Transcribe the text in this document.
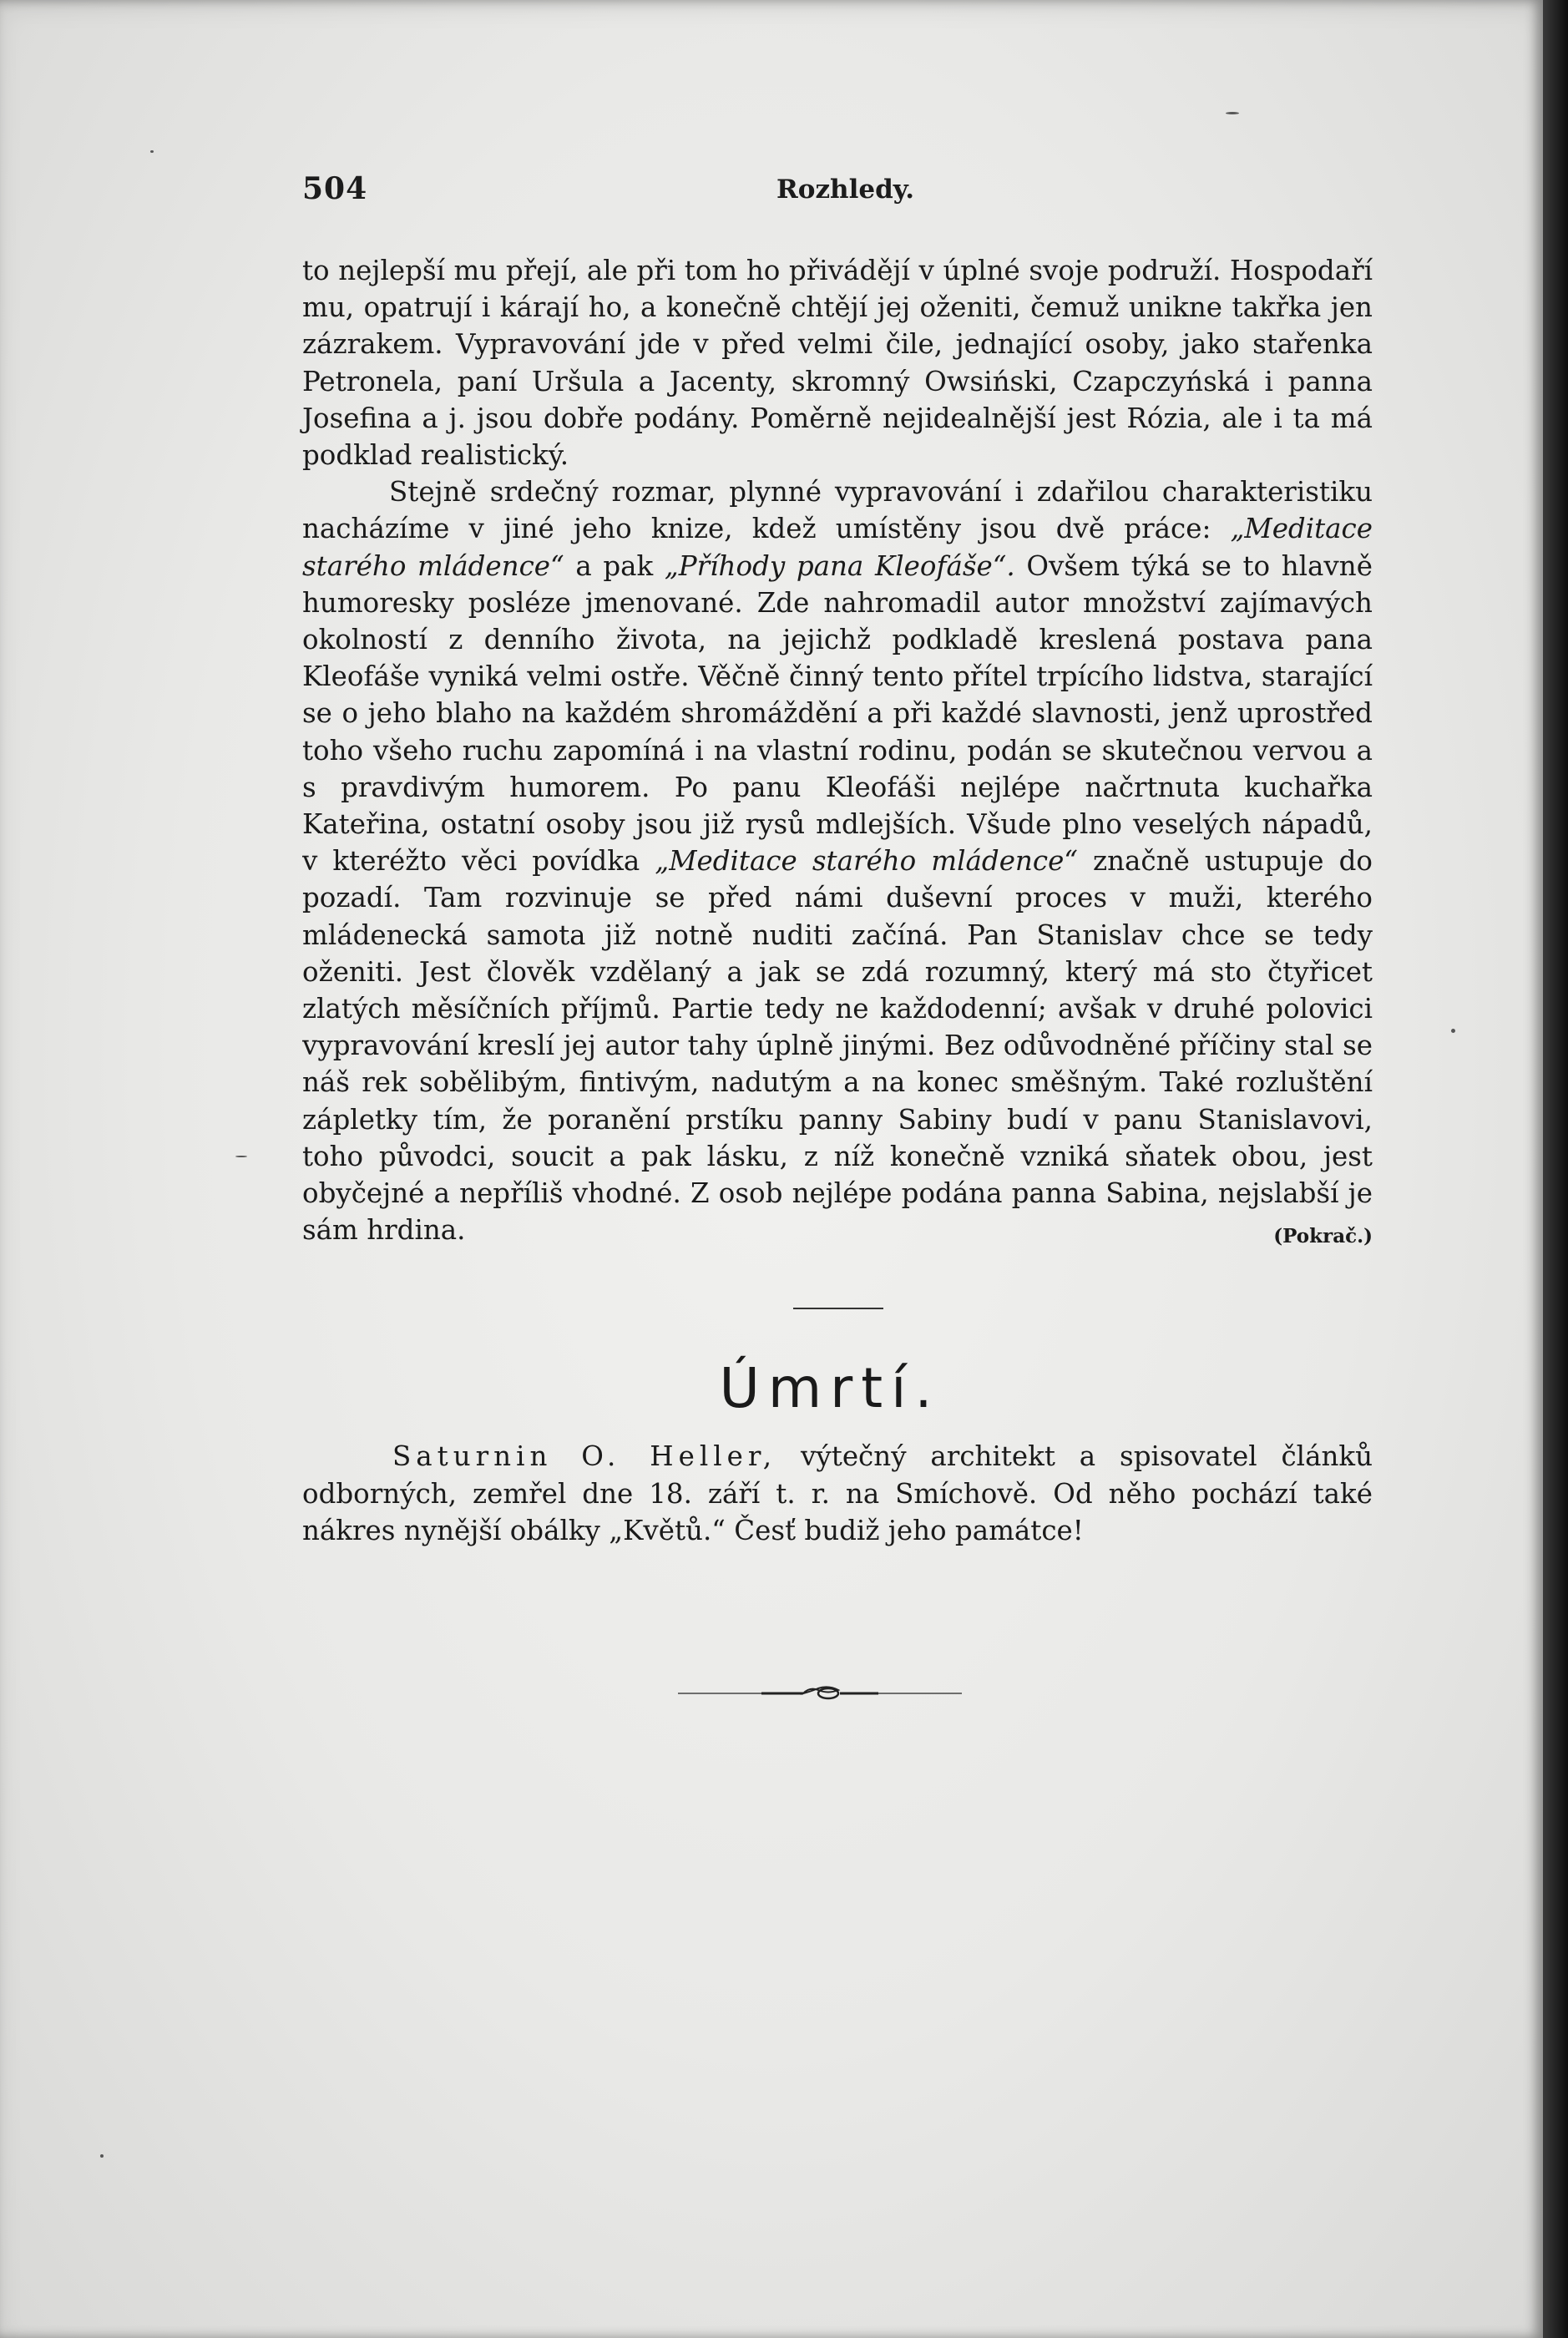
504	Rozhledy.

to nejlepší mu přejí, ale při tom ho přivádějí v úplné svoje podruží. Hospodaří mu, opatrují i kárají ho, a konečně chtějí jej oženiti, čemuž unikne takřka jen zázrakem. Vypravování jde v před velmi čile, jednající osoby, jako stařenka Petronela, paní Uršula a Jacenty, skromný Owsiński, Czapczyńská i panna Josefina a j. jsou dobře podány. Poměrně nejidealnější jest Rózia, ale i ta má podklad realistický.

Stejně srdečný rozmar, plynné vypravování i zdařilou charakteristiku nacházíme v jiné jeho knize, kdež umístěny jsou dvě práce: „Meditace starého mládence“ a pak „Příhody pana Kleofáše“. Ovšem týká se to hlavně humoresky posléze jmenované. Zde nahromadil autor množství zajímavých okolností z denního života, na jejichž podkladě kreslená postava pana Kleofáše vyniká velmi ostře. Věčně činný tento přítel trpícího lidstva, starající se o jeho blaho na každém shromáždění a při každé slavnosti, jenž uprostřed toho všeho ruchu zapomíná i na vlastní rodinu, podán se skutečnou vervou a s pravdivým humorem. Po panu Kleofáši nejlépe načrtnuta kuchařka Kateřina, ostatní osoby jsou již rysů mdlejších. Všude plno veselých nápadů, v kteréžto věci povídka „Meditace starého mládence“ značně ustupuje do pozadí. Tam rozvinuje se před námi duševní proces v muži, kterého mládenecká samota již notně nuditi začíná. Pan Stanislav chce se tedy oženiti. Jest člověk vzdělaný a jak se zdá rozumný, který má sto čtyřicet zlatých měsíčních příjmů. Partie tedy ne každodenní; avšak v druhé polovici vypravování kreslí jej autor tahy úplně jinými. Bez odůvodněné příčiny stal se náš rek sobělibým, fintivým, nadutým a na konec směšným. Také rozluštění zápletky tím, že poranění prstíku panny Sabiny budí v panu Stanislavovi, toho původci, soucit a pak lásku, z níž konečně vzniká sňatek obou, jest obyčejné a nepříliš vhodné. Z osob nejlépe podána panna Sabina, nejslabší je sám hrdina.	(Pokrač.)

Úmrtí.

Saturnin O. Heller, výtečný architekt a spisovatel článků odborných, zemřel dne 18. září t. r. na Smíchově. Od něho pochází také nákres nynější obálky „Květů.“ Česť budiž jeho památce!
